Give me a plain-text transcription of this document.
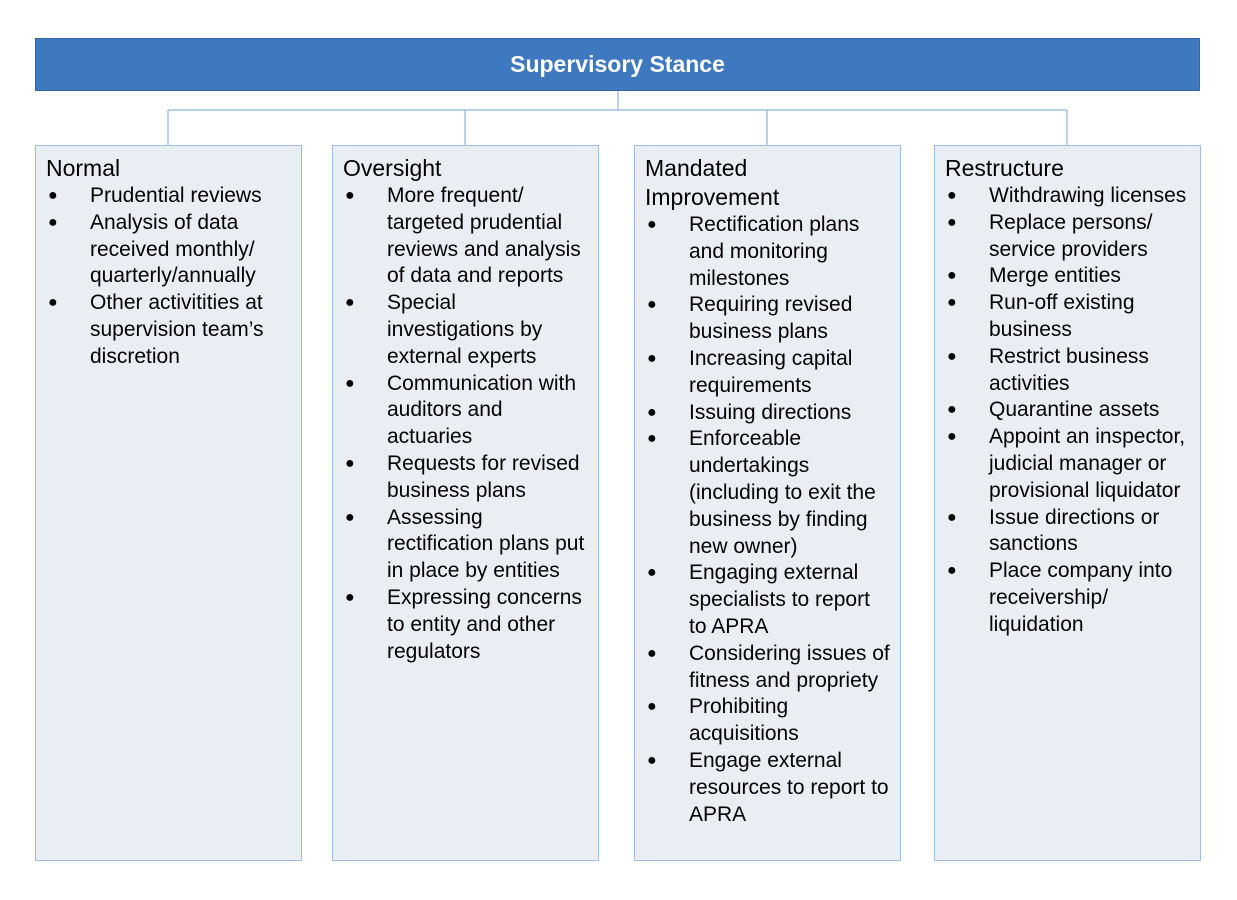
Supervisory Stance
Normal
● Prudential reviews
● Analysis of data received monthly/ quarterly/annually
● Other activitities at supervision team’s discretion
Oversight
● More frequent/ targeted prudential reviews and analysis of data and reports
● Special investigations by external experts
● Communication with auditors and actuaries
● Requests for revised business plans
● Assessing rectification plans put in place by entities
● Expressing concerns to entity and other regulators
Mandated Improvement
● Rectification plans and monitoring milestones
● Requiring revised business plans
● Increasing capital requirements
● Issuing directions
● Enforceable undertakings (including to exit the business by finding new owner)
● Engaging external specialists to report to APRA
● Considering issues of fitness and propriety
● Prohibiting acquisitions
● Engage external resources to report to APRA
Restructure
● Withdrawing licenses
● Replace persons/ service providers
● Merge entities
● Run-off existing business
● Restrict business activities
● Quarantine assets
● Appoint an inspector, judicial manager or provisional liquidator
● Issue directions or sanctions
● Place company into receivership/ liquidation
